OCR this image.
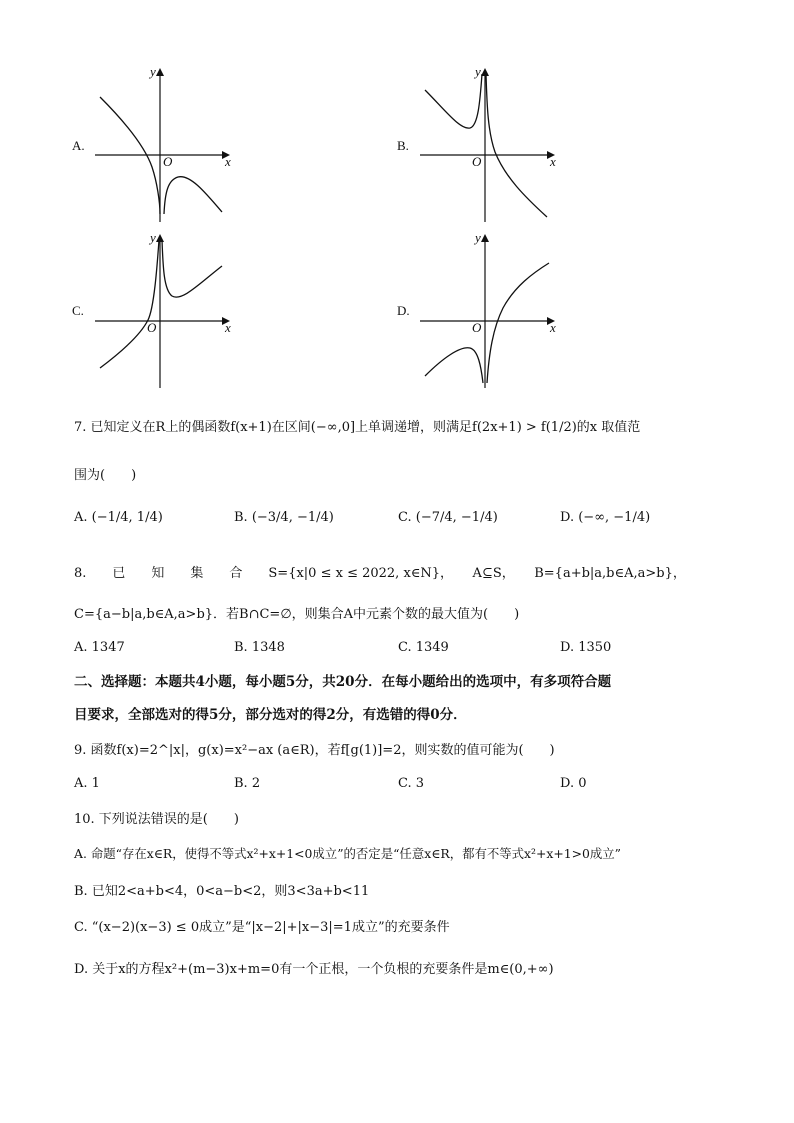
A.
y
x
O
B.
y
x
O
C.
y
x
O
D.
y
x
O
7. 已知定义在R上的偶函数f(x+1)在区间(−∞,0]上单调递增，则满足f(2x+1) > f(1/2)的x 取值范
围为(　　)
A. (−1/4, 1/4)	B. (−3/4, −1/4)	C. (−7/4, −1/4)	D. (−∞, −1/4)
8.　　已　　知　　集　　合　　S={x|0 ≤ x ≤ 2022, x∈N}，　　A⊆S，　　B={a+b|a,b∈A,a>b}，
C={a−b|a,b∈A,a>b}．若B∩C=∅，则集合A中元素个数的最大值为(　　)
A. 1347	B. 1348	C. 1349	D. 1350
二、选择题：本题共4小题，每小题5分，共20分．在每小题给出的选项中，有多项符合题
目要求，全部选对的得5分，部分选对的得2分，有选错的得0分．
9. 函数f(x)=2^|x|，g(x)=x²−ax (a∈R)，若f[g(1)]=2，则实数的值可能为(　　)
A. 1	B. 2	C. 3	D. 0
10. 下列说法错误的是(　　)
A. 命题“存在x∈R，使得不等式x²+x+1<0成立”的否定是“任意x∈R，都有不等式x²+x+1>0成立”
B. 已知2<a+b<4，0<a−b<2，则3<3a+b<11
C. “(x−2)(x−3) ≤ 0成立”是“|x−2|+|x−3|=1成立”的充要条件
D. 关于x的方程x²+(m−3)x+m=0有一个正根，一个负根的充要条件是m∈(0,+∞)
